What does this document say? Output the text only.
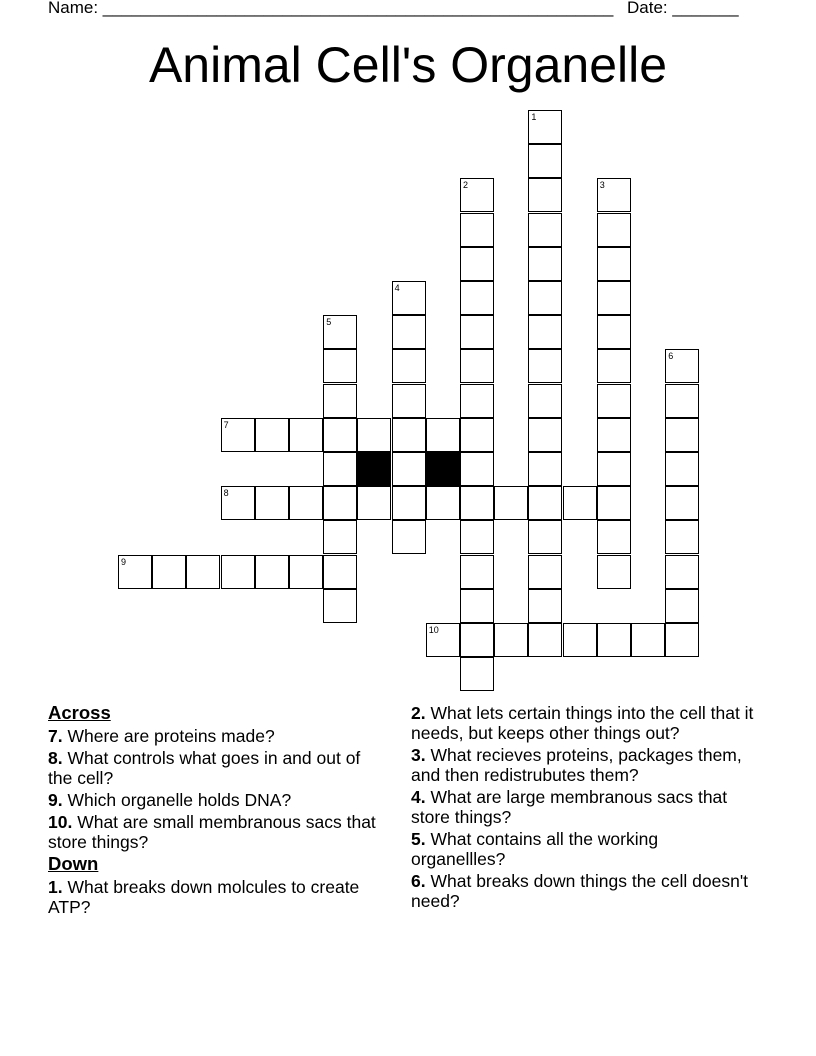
Name: ______________________________________________________ Date: _______
Animal Cell's Organelle
1
2	3
4
5
6
7
8
9
10
Across
7. Where are proteins made?
8. What controls what goes in and out of the cell?
9. Which organelle holds DNA?
10. What are small membranous sacs that store things?
Down
1. What breaks down molcules to create ATP?
2. What lets certain things into the cell that it needs, but keeps other things out?
3. What recieves proteins, packages them, and then redistrubutes them?
4. What are large membranous sacs that store things?
5. What contains all the working organellles?
6. What breaks down things the cell doesn't need?
